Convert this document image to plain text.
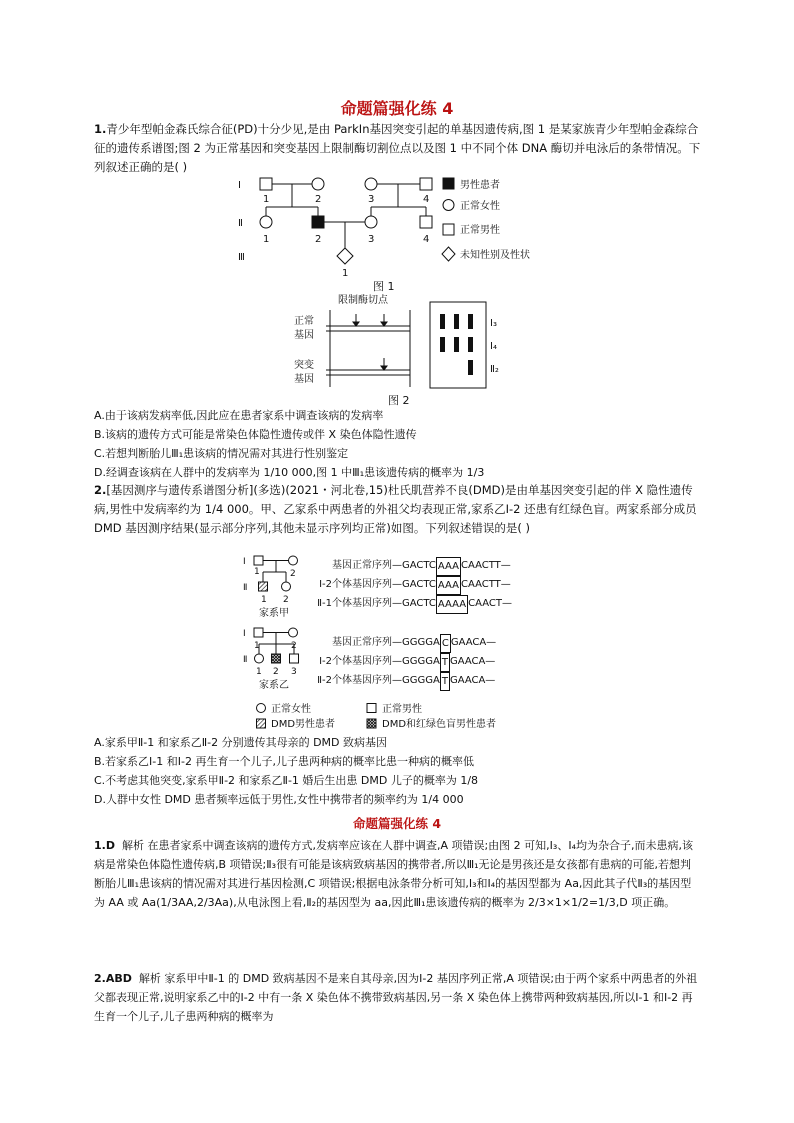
命题篇强化练 4
1.青少年型帕金森氏综合征(PD)十分少见,是由 ParkIn基因突变引起的单基因遗传病,图 1 是某家族青少年型帕金森综合征的遗传系谱图;图 2 为正常基因和突变基因上限制酶切割位点以及图 1 中不同个体 DNA 酶切并电泳后的条带情况。下列叙述正确的是( )
Ⅰ
Ⅱ
Ⅲ
1	2	3	4
1	2	3	4
1
男性患者
正常女性
正常男性
未知性别及性状
图 1
限制酶切点
正常
基因
突变
基因
Ⅰ₃
Ⅰ₄
Ⅱ₂
图 2
A.由于该病发病率低,因此应在患者家系中调查该病的发病率
B.该病的遗传方式可能是常染色体隐性遗传或伴 X 染色体隐性遗传
C.若想判断胎儿Ⅲ₁患该病的情况需对其进行性别鉴定
D.经调查该病在人群中的发病率为 1/10 000,图 1 中Ⅲ₁患该遗传病的概率为 1/3
2.[基因测序与遗传系谱图分析](多选)(2021・河北卷,15)杜氏肌营养不良(DMD)是由单基因突变引起的伴 X 隐性遗传病,男性中发病率约为 1/4 000。甲、乙家系中两患者的外祖父均表现正常,家系乙Ⅰ-2 还患有红绿色盲。两家系部分成员 DMD 基因测序结果(显示部分序列,其他未显示序列均正常)如图。下列叙述错误的是( )
Ⅰ
1	2
Ⅱ
1 2
家系甲
Ⅰ
1	2
Ⅱ
1 2 3
家系乙
正常女性	正常男性
DMD男性患者	DMD和红绿色盲男性患者
基因正常序列 —GACTC AAA CAACTT—
Ⅰ-2个体基因序列 —GACTC AAA CAACTT—
Ⅱ-1个体基因序列 —GACTC AAAA CAACT—
基因正常序列 —GGGGA C GAACA—
Ⅰ-2个体基因序列 —GGGGA T GAACA—
Ⅱ-2个体基因序列 —GGGGA T GAACA—
A.家系甲Ⅱ-1 和家系乙Ⅱ-2 分别遗传其母亲的 DMD 致病基因
B.若家系乙Ⅰ-1 和Ⅰ-2 再生育一个儿子,儿子患两种病的概率比患一种病的概率低
C.不考虑其他突变,家系甲Ⅱ-2 和家系乙Ⅱ-1 婚后生出患 DMD 儿子的概率为 1/8
D.人群中女性 DMD 患者频率远低于男性,女性中携带者的频率约为 1/4 000
命题篇强化练 4
1.D 解析 在患者家系中调查该病的遗传方式,发病率应该在人群中调查,A 项错误;由图 2 可知,Ⅰ₃、Ⅰ₄均为杂合子,而未患病,该病是常染色体隐性遗传病,B 项错误;Ⅱ₃很有可能是该病致病基因的携带者,所以Ⅲ₁无论是男孩还是女孩都有患病的可能,若想判断胎儿Ⅲ₁患该病的情况需对其进行基因检测,C 项错误;根据电泳条带分析可知,Ⅰ₃和Ⅰ₄的基因型都为 Aa,因此其子代Ⅱ₃的基因型为 AA 或 Aa(1/3AA,2/3Aa),从电泳图上看,Ⅱ₂的基因型为 aa,因此Ⅲ₁患该遗传病的概率为 2/3×1×1/2=1/3,D 项正确。
2.ABD 解析 家系甲中Ⅱ-1 的 DMD 致病基因不是来自其母亲,因为Ⅰ-2 基因序列正常,A 项错误;由于两个家系中两患者的外祖父都表现正常,说明家系乙中的Ⅰ-2 中有一条 X 染色体不携带致病基因,另一条 X 染色体上携带两种致病基因,所以Ⅰ-1 和Ⅰ-2 再生育一个儿子,儿子患两种病的概率为
